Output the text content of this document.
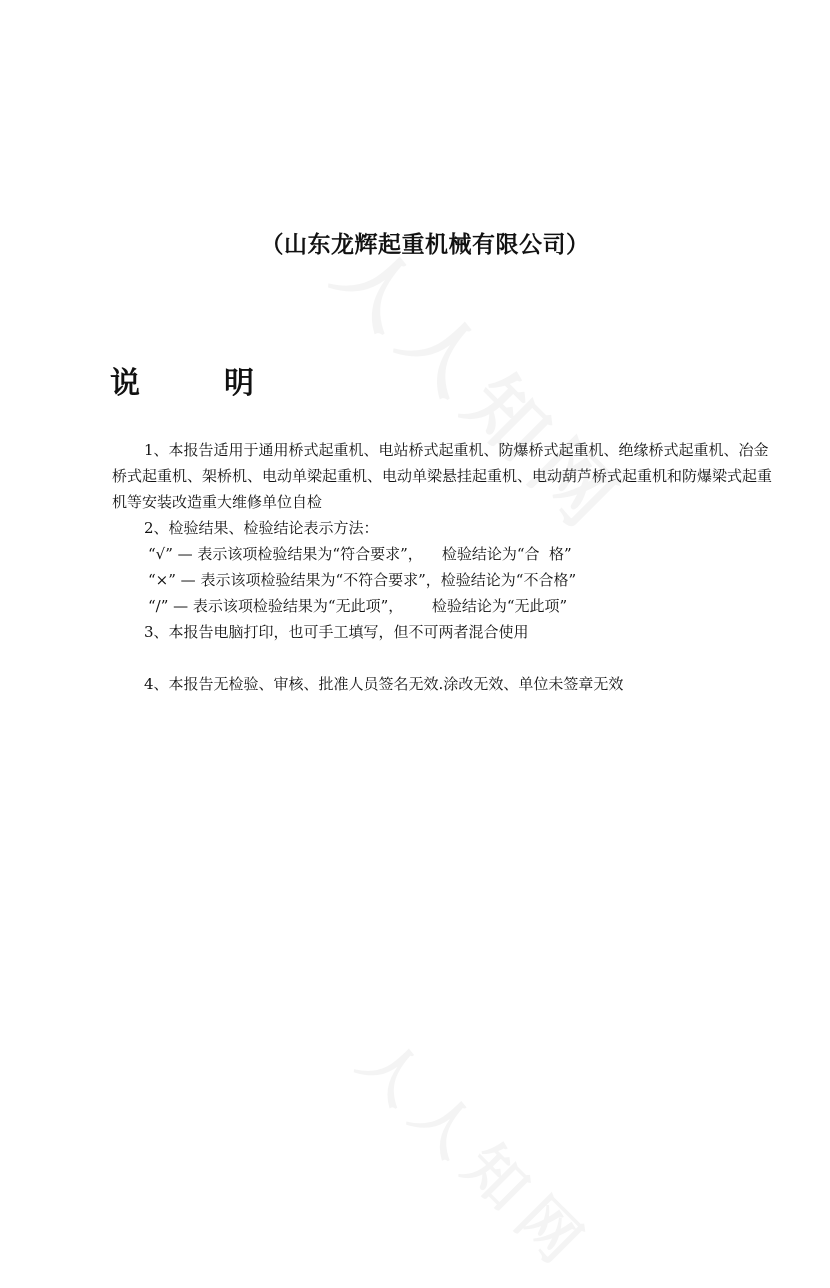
（山东龙辉起重机械有限公司）
说	明

1、本报告适用于通用桥式起重机、电站桥式起重机、防爆桥式起重机、绝缘桥式起重机、冶金桥式起重机、架桥机、电动单梁起重机、电动单梁悬挂起重机、电动葫芦桥式起重机和防爆梁式起重机等安装改造重大维修单位自检

2、检验结果、检验结论表示方法：

“√” — 表示该项检验结果为“符合要求”，    检验结论为“合  格”

“×” — 表示该项检验结果为“不符合要求”，检验结论为“不合格”

“/” — 表示该项检验结果为“无此项”，      检验结论为“无此项”

3、本报告电脑打印，也可手工填写，但不可两者混合使用

4、本报告无检验、审核、批准人员签名无效.涂改无效、单位未签章无效
